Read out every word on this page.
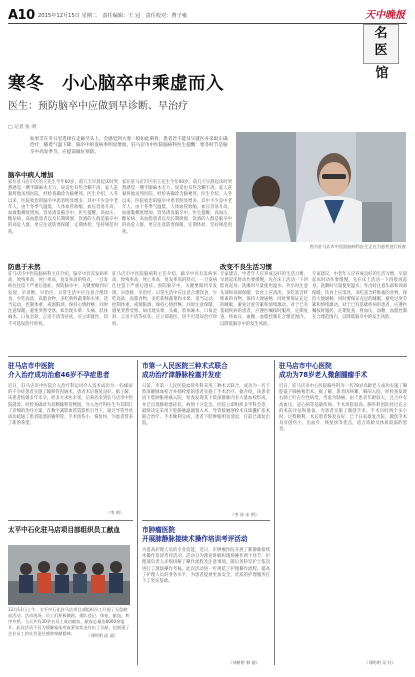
A10 2015年12月15日 星期二　责任编辑：王 冠　责任校对：曹子雍	天中晚报
名
医
馆
寒冬　小心脑卒中乘虚而入
医生：预防脑卒中应做到早诊断、早治疗
□ 记者 张 明
如果非在冬日里选择在走廊尽头上，会感觉到大寒一般如此刺骨，患者若不能及早就医并采取正确治疗，随着气温下降，脑卒中的发病率明显增加，驻马店市中医院脑病科医生提醒：寒冬时节是脑卒中高发季节，应提前做好预防。
图为驻马店市中医院脑病科医生正在为患者进行检查
脑卒中病人增加
家住驻马店市区的王先生今年60岁，前几天早晨起床时突然感觉一侧手脚麻木无力，说话也有些含糊不清，家人赶紧将他送到医院，经检查确诊为脑梗死。医生介绍，入冬以来，医院收治的脑卒中患者明显增多，其中不少是中老年人。由于冬季气温低，人体血管收缩，血压容易升高，血液黏稠度增加，容易诱发脑卒中。医生提醒，高血压、糖尿病、高血脂患者以及长期吸烟、饮酒的人群是脑卒中的高危人群，更应注意防寒保暖，定期体检，坚持规范用药。
家住驻马店市区的王先生今年60岁，前几天早晨起床时突然感觉一侧手脚麻木无力，说话也有些含糊不清，家人赶紧将他送到医院，经检查确诊为脑梗死。医生介绍，入冬以来，医院收治的脑卒中患者明显增多，其中不少是中老年人。由于冬季气温低，人体血管收缩，血压容易升高，血液黏稠度增加，容易诱发脑卒中。医生提醒，高血压、糖尿病、高血脂患者以及长期吸烟、饮酒的人群是脑卒中的高危人群，更应注意防寒保暖，定期体检，坚持规范用药。
防患于未然
驻马店市中医院脑病科主任介绍，脑卒中具有发病率高、致残率高、死亡率高、复发率高的特点，一旦发病往往留下严重后遗症。预防脑卒中，关键要做到早发现、早诊断、早治疗。日常生活中应注意合理饮食，少吃高盐、高脂食物，多吃新鲜蔬菜和水果；适当运动，控制体重；戒烟限酒，保持心情舒畅；同时注意保暖，避免突然受寒。如出现头晕、头痛、肢体麻木、口角歪斜、言语不清等症状，应立即就医，切不可延误治疗时机。
驻马店市中医院脑病科主任介绍，脑卒中具有发病率高、致残率高、死亡率高、复发率高的特点，一旦发病往往留下严重后遗症。预防脑卒中，关键要做到早发现、早诊断、早治疗。日常生活中应注意合理饮食，少吃高盐、高脂食物，多吃新鲜蔬菜和水果；适当运动，控制体重；戒烟限酒，保持心情舒畅；同时注意保暖，避免突然受寒。如出现头晕、头痛、肢体麻木、口角歪斜、言语不清等症状，应立即就医，切不可延误治疗时机。
改变不良生活习惯
专家建议，中老年人应养成良好的生活习惯，早晨起床时动作要缓慢，先在床上活动一下四肢再起身；洗漱时尽量使用温水；外出时注意头部和颈部保暖；饮食上应清淡，多吃富含纤维素的食物，保持大便通畅；同时要保证充足的睡眠，避免过度劳累和情绪激动。对于已有基础疾病的患者，应遵医嘱按时服药，定期复查，将血压、血糖、血脂控制在合理范围内，以降低脑卒中的发生风险。
专家建议，中老年人应养成良好的生活习惯，早晨起床时动作要缓慢，先在床上活动一下四肢再起身；洗漱时尽量使用温水；外出时注意头部和颈部保暖；饮食上应清淡，多吃富含纤维素的食物，保持大便通畅；同时要保证充足的睡眠，避免过度劳累和情绪激动。对于已有基础疾病的患者，应遵医嘱按时服药，定期复查，将血压、血糖、血脂控制在合理范围内，以降低脑卒中的发生风险。
驻马店市中医院
介入治疗成功治愈46岁不孕症患者
近日，驻马店市中医院介入治疗科运用介入技术成功为一名46岁的不孕症患者实施了输卵管再通术，患者术后恢复良好。据了解，该患者结婚多年未孕，经多方求医未果，后慕名来到驻马店市中医院就诊，经检查确诊为双侧输卵管梗阻。介入治疗科医生为其制订了详细的治疗方案，在数字减影血管造影机引导下，通过导管导丝成功疏通了患者阻塞的输卵管。手术创伤小、恢复快，为患者带来了新的希望。
（李 明）
太平中石化驻马店项目部组织员工献血
12月11日上午，太平中石化驻马店项目部组织员工开展了无偿献血活动。活动现场，员工们积极踊跃，排队登记、体检、献血，秩序井然。当天共有30余名员工成功献血，献血总量达8000余毫升。此次活动不仅为缓解临床用血紧张状况作出了贡献，也展现了企业员工的社会责任感和奉献精神。	（刘明明 邱 丽）
市第一人民医院三种术式联合
成功治疗津静脉栓塞并发症
日前，市第一人民医院血管外科采用三种术式联合，成功为一名下肢深静脉血栓合并肺栓塞的患者实施了手术治疗。据介绍，该患者因下肢肿胀疼痛入院，检查发现其下肢深静脉内有大量血栓形成，并已出现肺栓塞症状，病情十分危急。医院立即组织多学科会诊，最终决定采用下腔静脉滤器置入术、导管接触溶栓术及球囊扩张术联合治疗。手术顺利完成，患者下肢肿胀明显消退，目前已康复出院。
（李 涛 宋 明）
市肿瘤医院
开展肺静脉接续术操作培训考评活动
为提高护理人员的专业技能，近日，市肿瘤医院开展了肺静脉接续术操作培训考评活动。活动分为理论讲解和现场操作两个环节，护理部负责人详细讲解了操作流程及注意事项，随后各科室护士依次进行了现场操作考核。此次活动进一步规范了护理操作流程，提高了护理人员的业务水平，为患者提供更加安全、优质的护理服务打下了坚实基础。
（刘树桥 韩 毅）
驻马店市中心医院
成功为78岁老人微創腫瘤手术
近日，驻马店市中心医院胸外科为一名78岁高龄老人成功实施了胸腔镜下肺癌根治术。据了解，患者因咳嗽、胸闷入院，经检查发现右肺上叶占位性病变，考虑为肺癌。由于患者年龄较大，且合并有高血压、冠心病等基础疾病，手术风险较高。胸外科团队经过充分的术前评估和准备，为患者实施了微创手术。手术历时两个多小时，过程顺利，术后患者恢复良好，已于日前康复出院。微创手术具有创伤小、出血少、恢复快等优点，适合高龄及体质较弱的患者。
（刘明明 吴 红）
